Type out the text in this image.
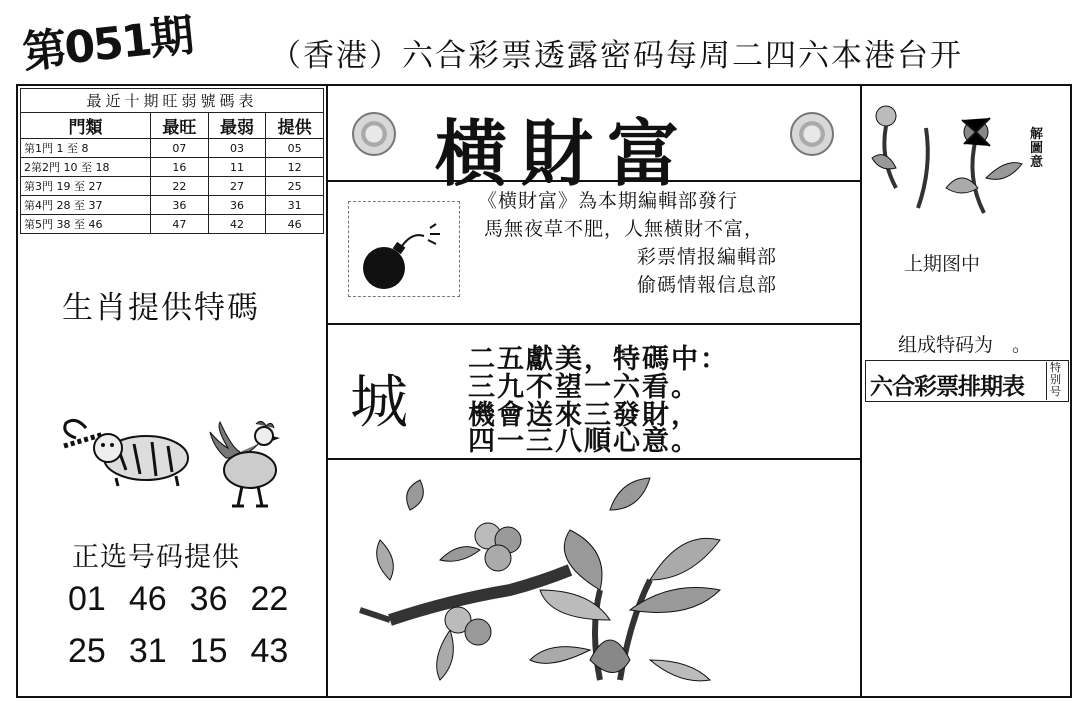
第051期 （香港）六合彩票透露密码每周二四六本港台开
最近十期旺弱號碼表			
門類	最旺	最弱	提供
第1門 1 至 8	07	03	05
2第2門 10 至 18	16	11	12
第3門 19 至 27	22	27	25
第4門 28 至 37	36	36	31
第5門 38 至 46	47	42	46
生肖提供特碼
正选号码提供
01 46 36 22
25 31 15 43
横財富
《横財富》為本期編輯部發行
馬無夜草不肥，人無横財不富，
彩票情报編輯部
偷碼情報信息部
城
二五獻美，特碼中：
三九不望一六看。
機會送來三發財，
四一三八順心意。
解圖意
上期图中
组成特码为　。
六合彩票排期表
特别号
